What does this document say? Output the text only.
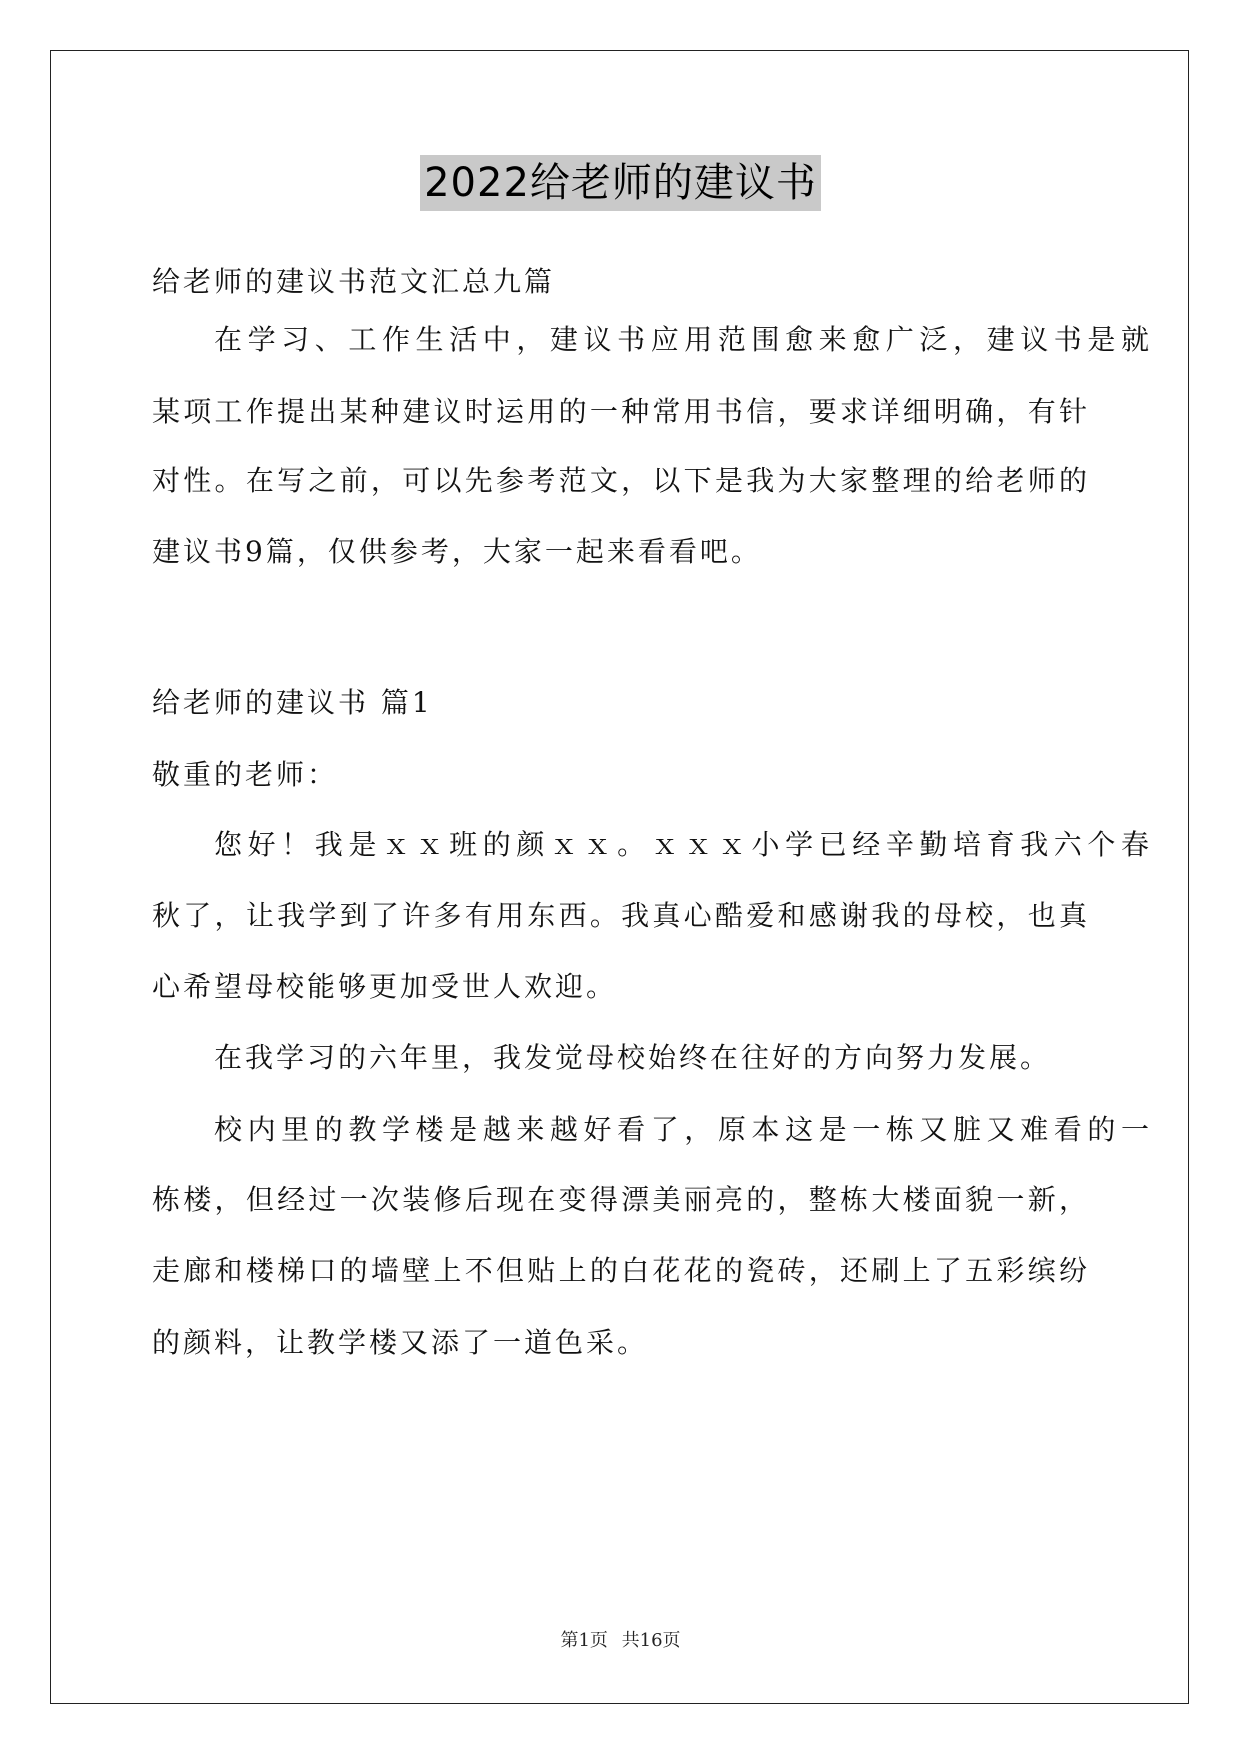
2022给老师的建议书
给老师的建议书范文汇总九篇
在学习、工作生活中，建议书应用范围愈来愈广泛，建议书是就
某项工作提出某种建议时运用的一种常用书信，要求详细明确，有针
对性。在写之前，可以先参考范文，以下是我为大家整理的给老师的
建议书9篇，仅供参考，大家一起来看看吧。
给老师的建议书 篇1
敬重的老师：
您好！我是ｘｘ班的颜ｘｘ。ｘｘｘ小学已经辛勤培育我六个春
秋了，让我学到了许多有用东西。我真心酷爱和感谢我的母校，也真
心希望母校能够更加受世人欢迎。
在我学习的六年里，我发觉母校始终在往好的方向努力发展。
校内里的教学楼是越来越好看了，原本这是一栋又脏又难看的一
栋楼，但经过一次装修后现在变得漂美丽亮的，整栋大楼面貌一新，
走廊和楼梯口的墙壁上不但贴上的白花花的瓷砖，还刷上了五彩缤纷
的颜料，让教学楼又添了一道色采。
第1页 共16页
